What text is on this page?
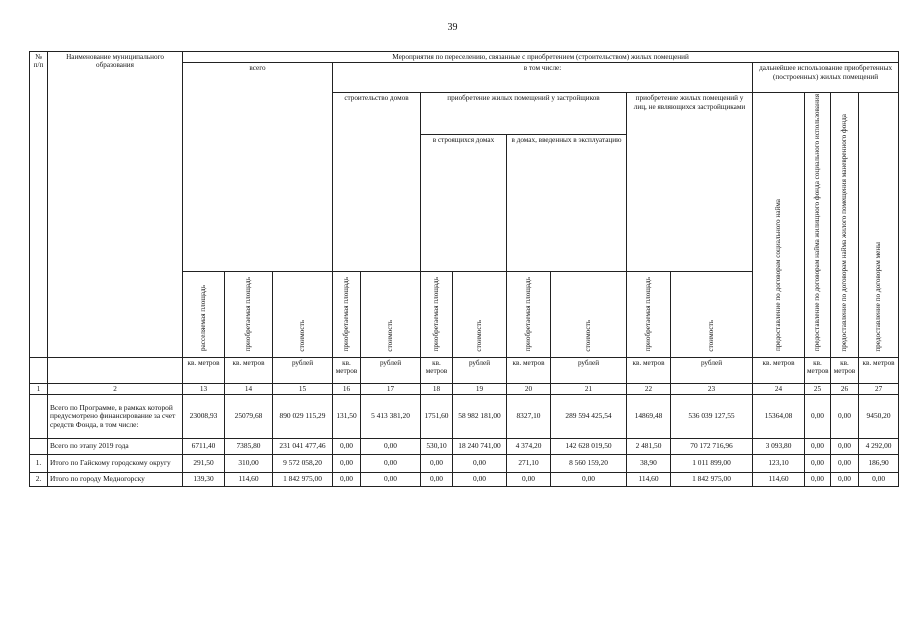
39
№ п/п	Наименование муниципального образования	Мероприятия по переселению, связанные с приобретением (строительством) жилых помещений														
		всего			в том числе:								дальнейшее использование приобретенных (построенных) жилых помещений			
					строительство домов		приобретение жилых помещений у застройщиков				приобретение жилых помещений у лиц, не являющихся застройщиками		предоставление по договорам социального найма	предоставление по договорам найма жилищного фонда социального использования	предоставление по договорам найма жилого помещения маневренного фонда	предоставление по договорам мены
							в строящихся домах		в домах, введенных в эксплуатацию							
		расселяемая площадь	приобретаемая площадь	стоимость	приобретаемая площадь	стоимость	приобретаемая площадь	стоимость	приобретаемая площадь	стоимость	приобретаемая площадь	стоимость				
		кв. метров	кв. метров	рублей	кв. метров	рублей	кв. метров	рублей	кв. метров	рублей	кв. метров	рублей	кв. метров	кв. метров	кв. метров	кв. метров
1	2	13	14	15	16	17	18	19	20	21	22	23	24	25	26	27
	Всего по Программе, в рамках которой предусмотрено финансирование за счет средств Фонда, в том числе:	23008,93	25079,68	890 029 115,29	131,50	5 413 381,20	1751,60	58 982 181,00	8327,10	289 594 425,54	14869,48	536 039 127,55	15364,08	0,00	0,00	9450,20
	Всего по этапу 2019 года	6711,40	7385,80	231 041 477,46	0,00	0,00	530,10	18 240 741,00	4 374,20	142 628 019,50	2 481,50	70 172 716,96	3 093,80	0,00	0,00	4 292,00
1.	Итого по Гайскому городскому округу	291,50	310,00	9 572 058,20	0,00	0,00	0,00	0,00	271,10	8 560 159,20	38,90	1 011 899,00	123,10	0,00	0,00	186,90
2.	Итого по городу Медногорску	139,30	114,60	1 842 975,00	0,00	0,00	0,00	0,00	0,00	0,00	114,60	1 842 975,00	114,60	0,00	0,00	0,00
